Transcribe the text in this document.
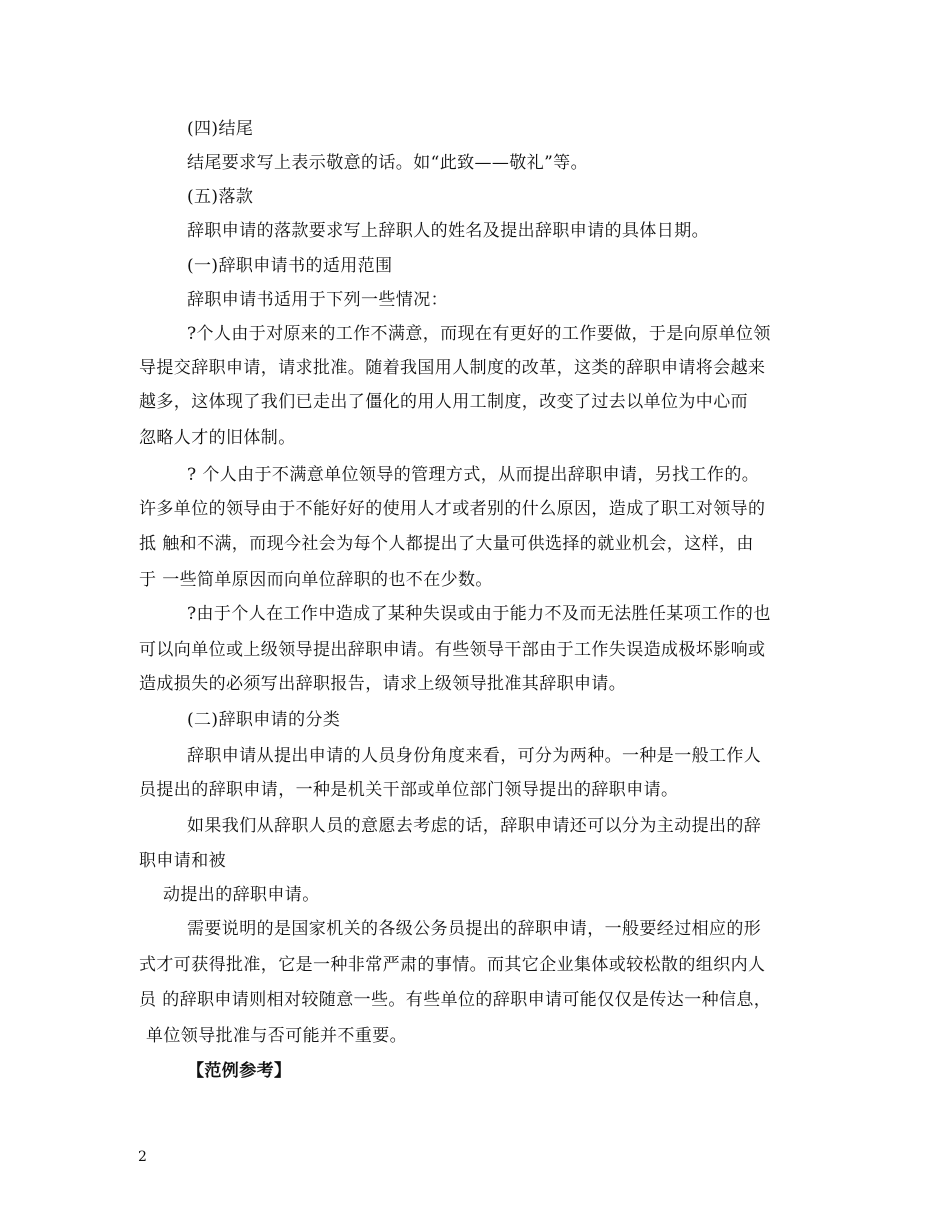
(四)结尾
结尾要求写上表示敬意的话。如“此致——敬礼”等。
(五)落款
辞职申请的落款要求写上辞职人的姓名及提出辞职申请的具体日期。
(一)辞职申请书的适用范围
辞职申请书适用于下列一些情况：
?个人由于对原来的工作不满意，而现在有更好的工作要做，于是向原单位领
导提交辞职申请，请求批准。随着我国用人制度的改革，这类的辞职申请将会越来
越多，这体现了我们已走出了僵化的用人用工制度，改变了过去以单位为中心而
忽略人才的旧体制。
? 个人由于不满意单位领导的管理方式，从而提出辞职申请，另找工作的。
许多单位的领导由于不能好好的使用人才或者别的什么原因，造成了职工对领导的
抵 触和不满，而现今社会为每个人都提出了大量可供选择的就业机会，这样，由
于 一些简单原因而向单位辞职的也不在少数。
?由于个人在工作中造成了某种失误或由于能力不及而无法胜任某项工作的也
可以向单位或上级领导提出辞职申请。有些领导干部由于工作失误造成极坏影响或
造成损失的必须写出辞职报告，请求上级领导批准其辞职申请。
(二)辞职申请的分类
辞职申请从提出申请的人员身份角度来看，可分为两种。一种是一般工作人
员提出的辞职申请，一种是机关干部或单位部门领导提出的辞职申请。
如果我们从辞职人员的意愿去考虑的话，辞职申请还可以分为主动提出的辞
职申请和被
动提出的辞职申请。
需要说明的是国家机关的各级公务员提出的辞职申请，一般要经过相应的形
式才可获得批准，它是一种非常严肃的事情。而其它企业集体或较松散的组织内人
员 的辞职申请则相对较随意一些。有些单位的辞职申请可能仅仅是传达一种信息，
单位领导批准与否可能并不重要。
【范例参考】
2
